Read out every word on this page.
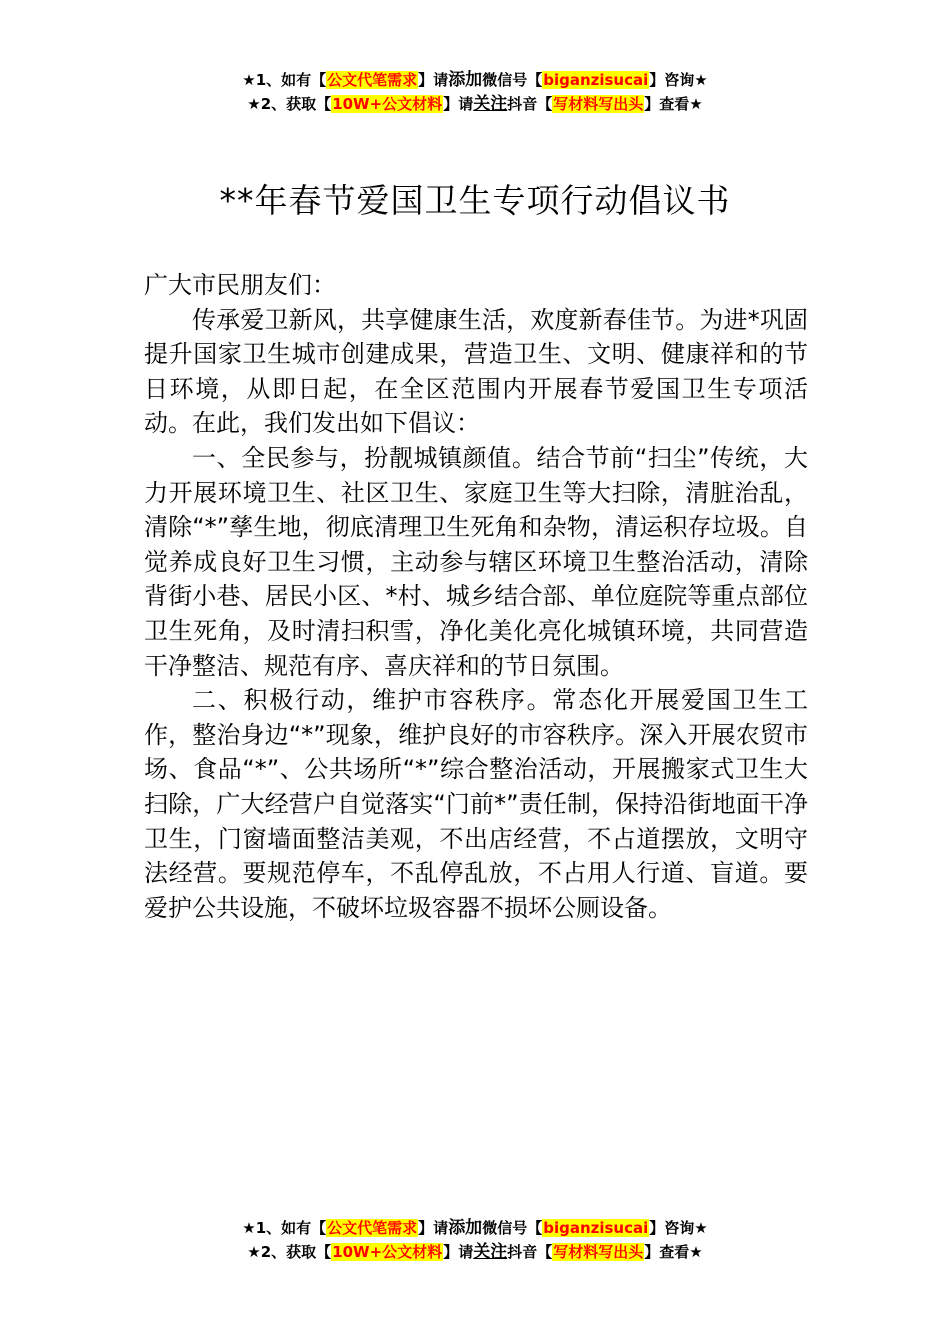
★1、如有【公文代笔需求】请添加微信号【biganzisucai】咨询★
★2、获取【10W+公文材料】请关注抖音【写材料写出头】查看★
**年春节爱国卫生专项行动倡议书

广大市民朋友们：

传承爱卫新风，共享健康生活，欢度新春佳节。为进*巩固提升国家卫生城市创建成果，营造卫生、文明、健康祥和的节日环境，从即日起，在全区范围内开展春节爱国卫生专项活动。在此，我们发出如下倡议：

一、全民参与，扮靓城镇颜值。结合节前“扫尘”传统，大力开展环境卫生、社区卫生、家庭卫生等大扫除，清脏治乱，清除“*”孳生地，彻底清理卫生死角和杂物，清运积存垃圾。自觉养成良好卫生习惯，主动参与辖区环境卫生整治活动，清除背街小巷、居民小区、*村、城乡结合部、单位庭院等重点部位卫生死角，及时清扫积雪，净化美化亮化城镇环境，共同营造干净整洁、规范有序、喜庆祥和的节日氛围。

二、积极行动，维护市容秩序。常态化开展爱国卫生工作，整治身边“*”现象，维护良好的市容秩序。深入开展农贸市场、食品“*”、公共场所“*”综合整治活动，开展搬家式卫生大扫除，广大经营户自觉落实“门前*”责任制，保持沿街地面干净卫生，门窗墙面整洁美观，不出店经营，不占道摆放，文明守法经营。要规范停车，不乱停乱放，不占用人行道、盲道。要爱护公共设施，不破坏垃圾容器不损坏公厕设备。

★1、如有【公文代笔需求】请添加微信号【biganzisucai】咨询★
★2、获取【10W+公文材料】请关注抖音【写材料写出头】查看★
